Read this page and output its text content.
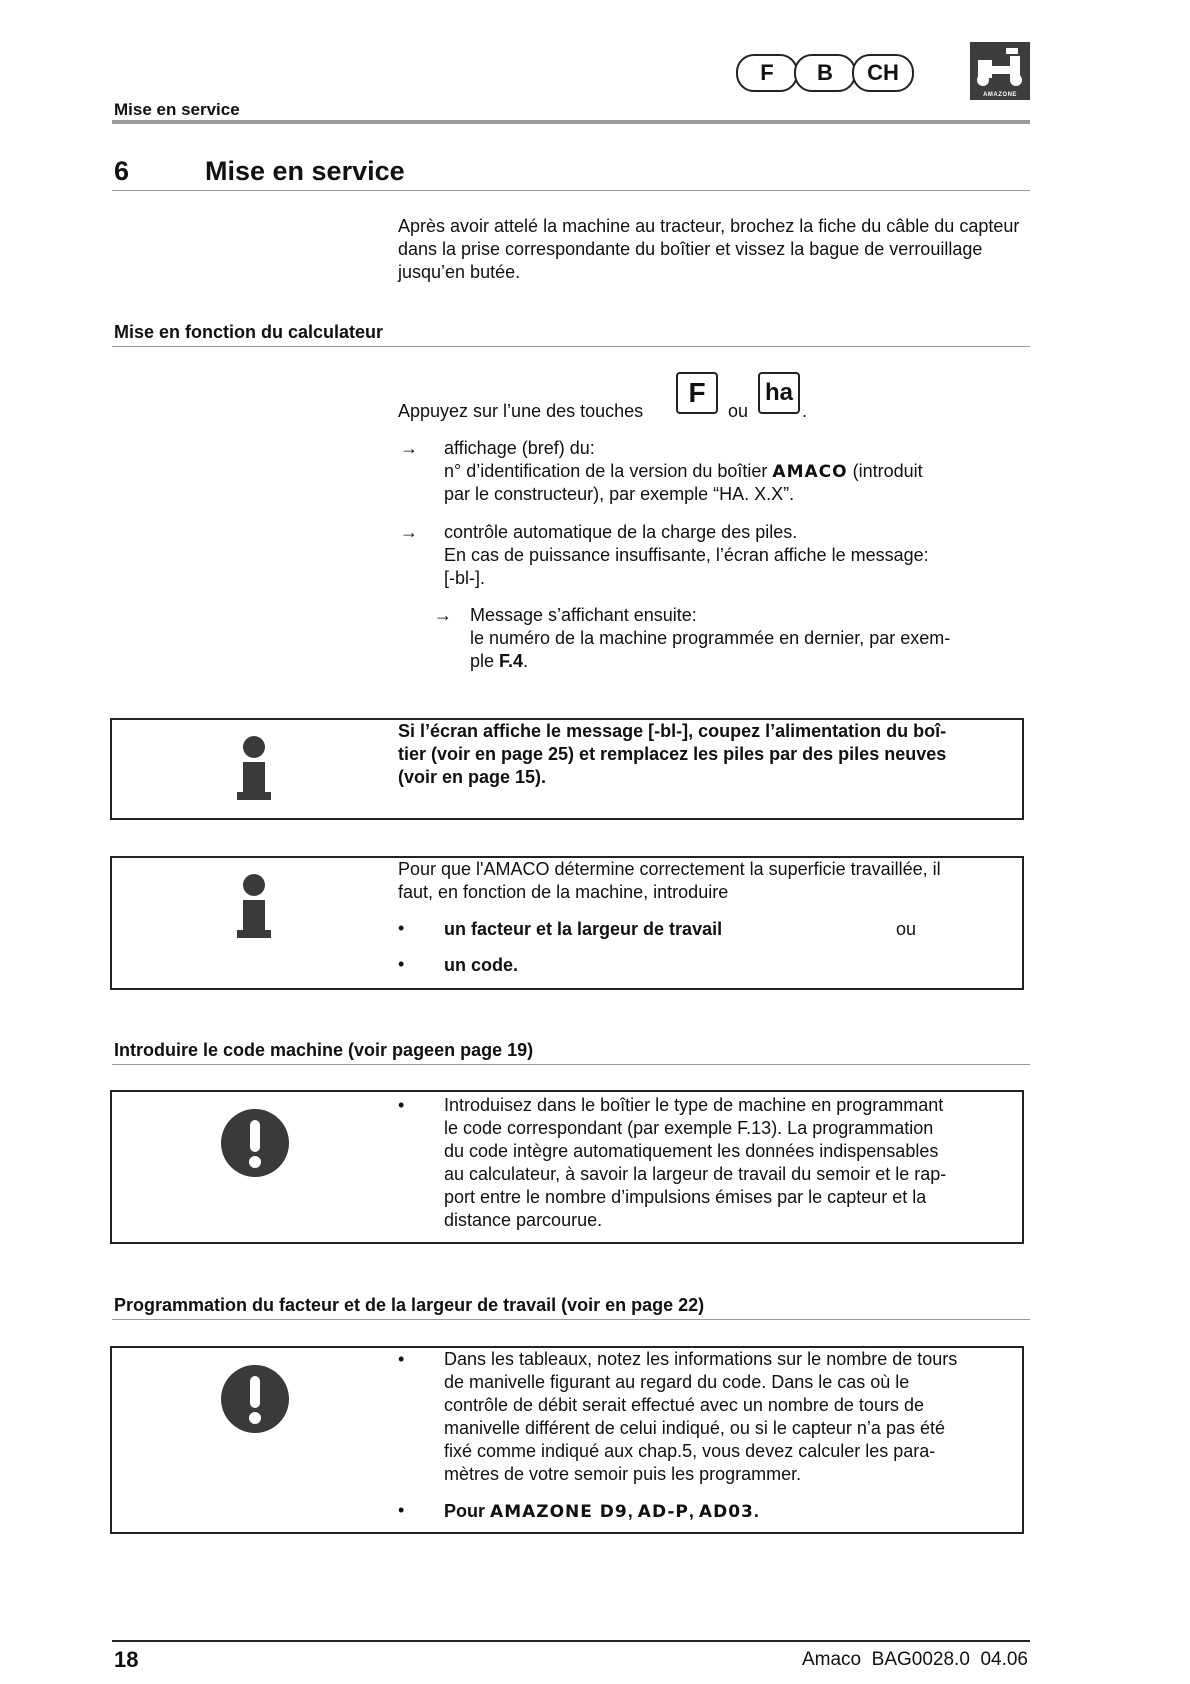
F	B	CH
AMAZONE
Mise en service
6	Mise en service
Après avoir attelé la machine au tracteur, brochez la fiche du câble du capteur dans la prise correspondante du boîtier et vissez la bague de verrouillage jusqu’en butée.
Mise en fonction du calculateur
Appuyez sur l’une des touches
F
ou
ha
.
→ affichage (bref) du:
n° d’identification de la version du boîtier AMACO (introduit
par le constructeur), par exemple “HA. X.X”.
→ contrôle automatique de la charge des piles.
En cas de puissance insuffisante, l’écran affiche le message:
[-bl-].
→ Message s’affichant ensuite:
le numéro de la machine programmée en dernier, par exem-
ple F.4.
Si l’écran affiche le message [-bl-], coupez l’alimentation du boî-
tier (voir en page 25) et remplacez les piles par des piles neuves
(voir en page 15).
Pour que l'AMACO détermine correctement la superficie travaillée, il
faut, en fonction de la machine, introduire
• un facteur et la largeur de travail	ou
• un code.
Introduire le code machine (voir pageen page 19)
• Introduisez dans le boîtier le type de machine en programmant
le code correspondant (par exemple F.13). La programmation
du code intègre automatiquement les données indispensables
au calculateur, à savoir la largeur de travail du semoir et le rap-
port entre le nombre d’impulsions émises par le capteur et la
distance parcourue.
Programmation du facteur et de la largeur de travail (voir en page 22)
• Dans les tableaux, notez les informations sur le nombre de tours
de manivelle figurant au regard du code. Dans le cas où le
contrôle de débit serait effectué avec un nombre de tours de
manivelle différent de celui indiqué, ou si le capteur n’a pas été
fixé comme indiqué aux chap.5, vous devez calculer les para-
mètres de votre semoir puis les programmer.
• Pour AMAZONE D9, AD-P, AD03.
18	Amaco  BAG0028.0  04.06
